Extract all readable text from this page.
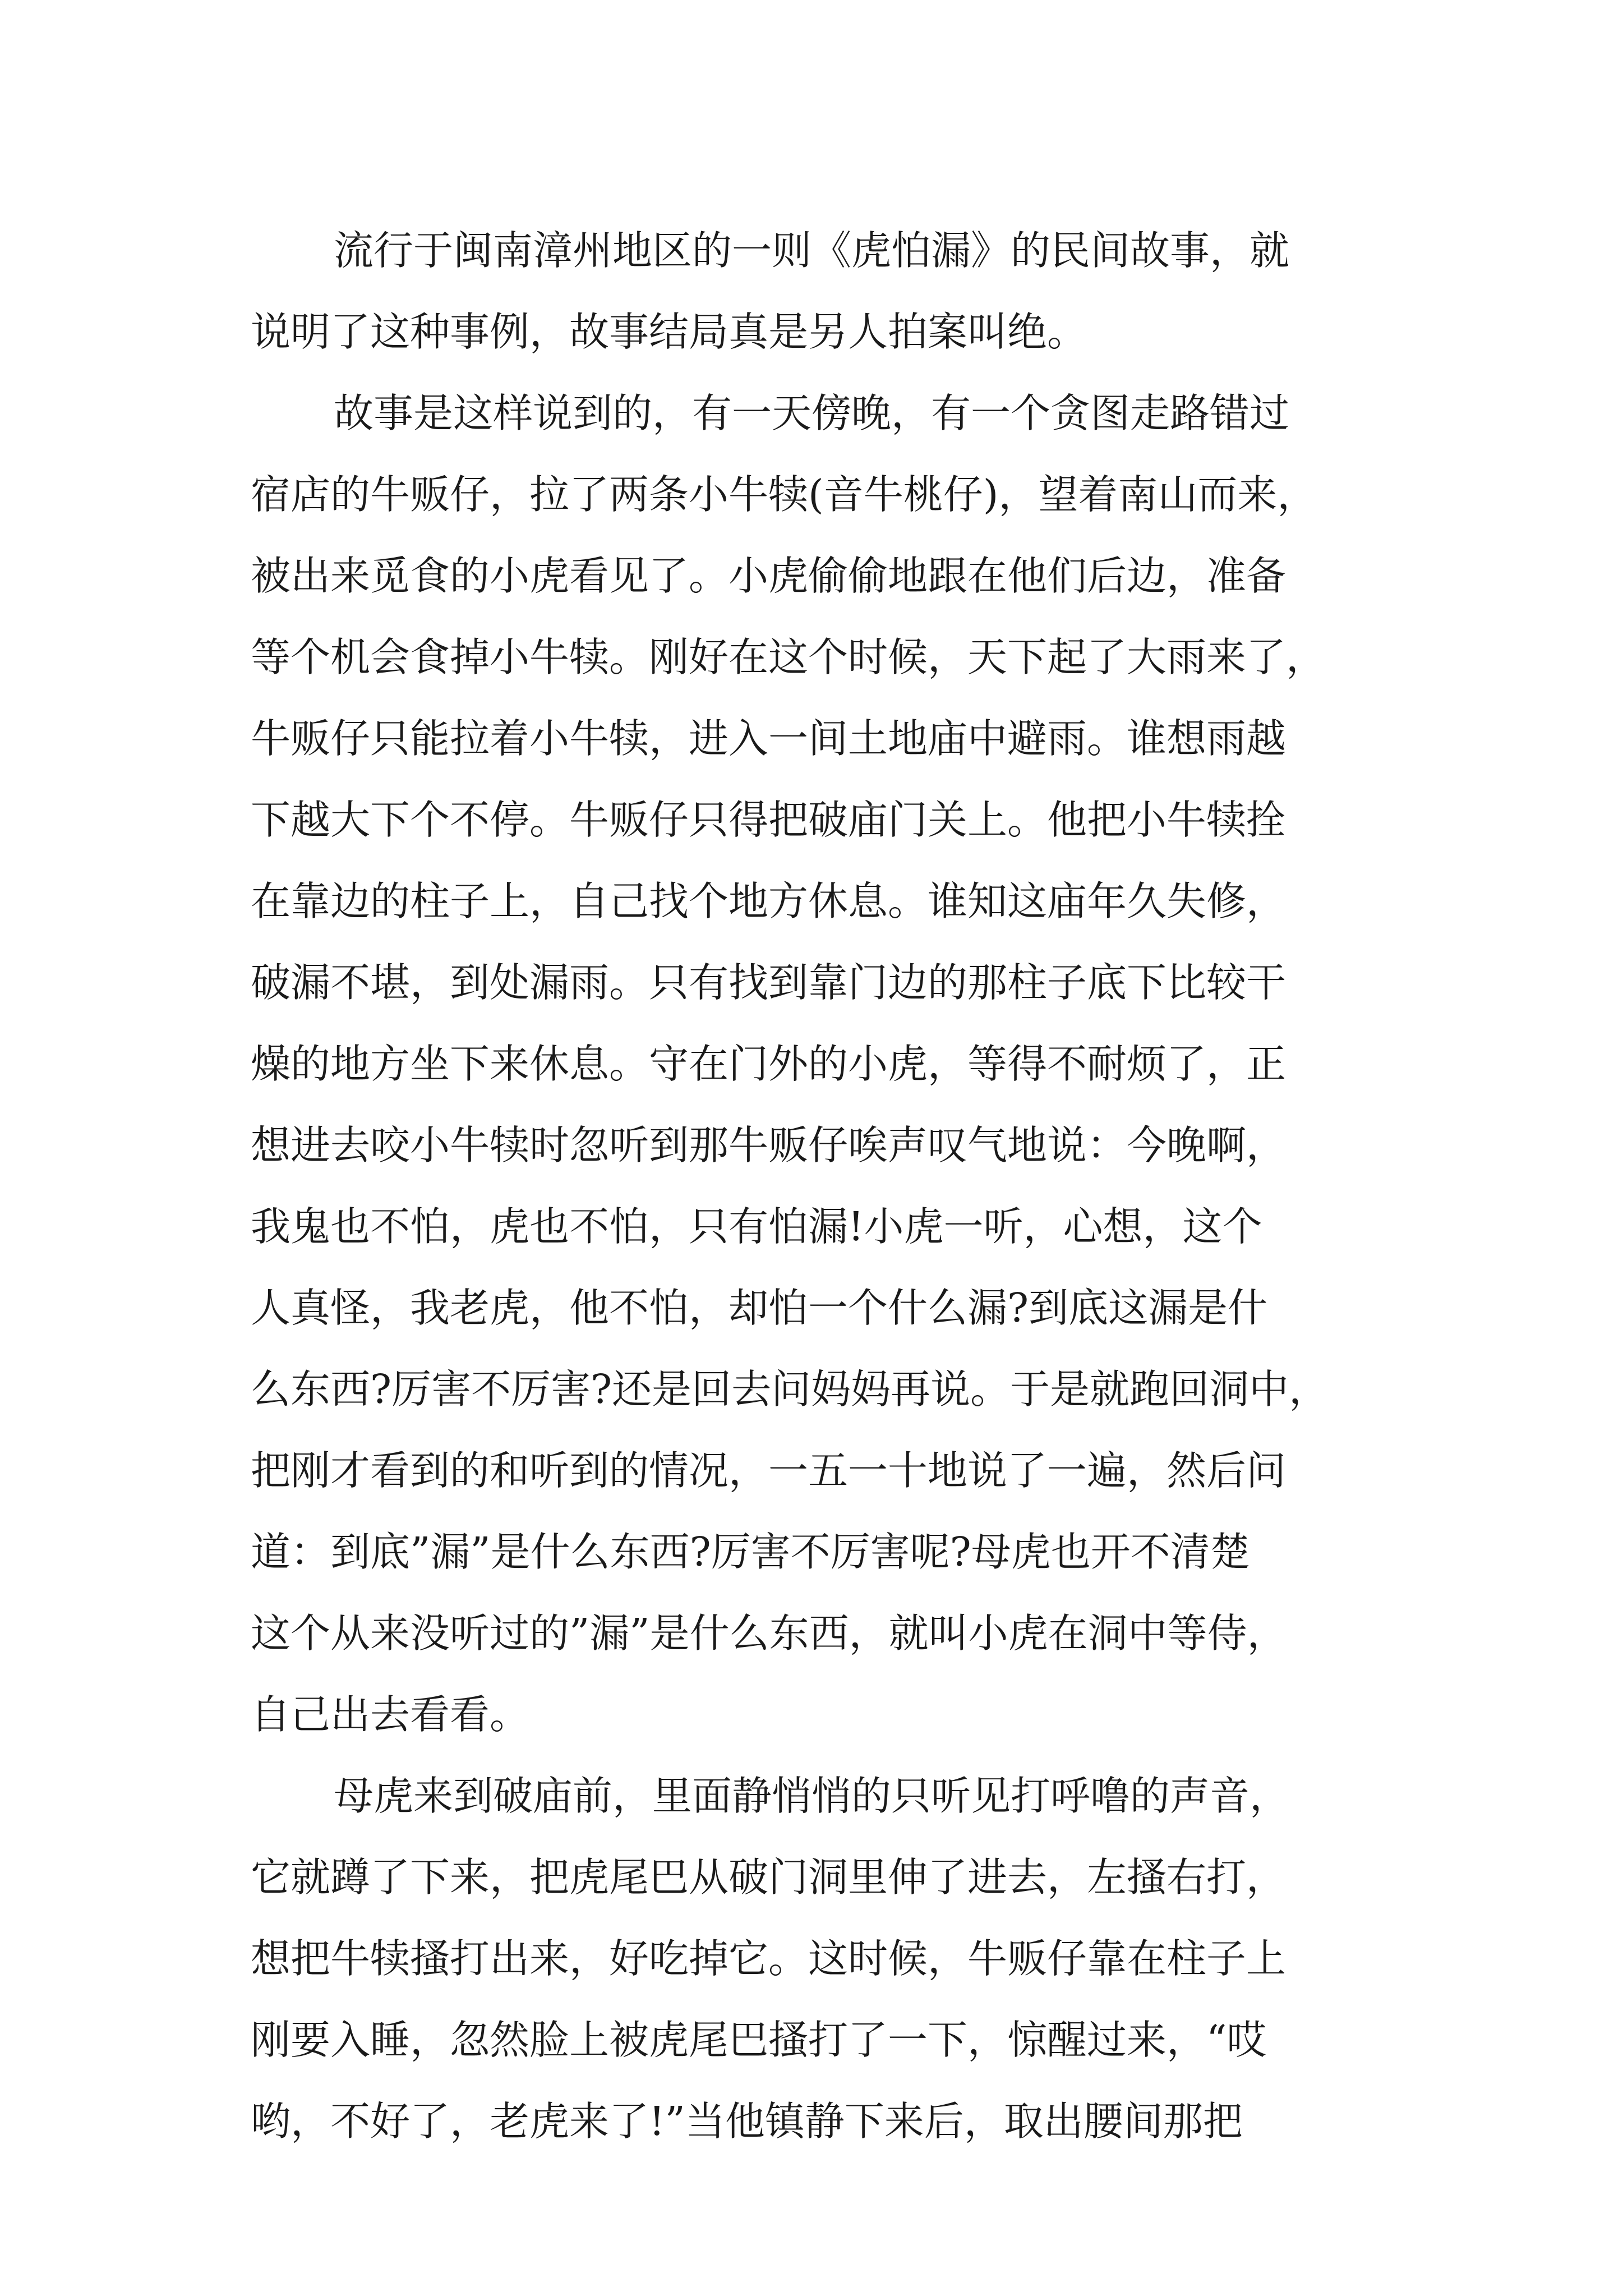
流行于闽南漳州地区的一则《虎怕漏》的民间故事，就
说明了这种事例，故事结局真是另人拍案叫绝。
故事是这样说到的，有一天傍晚，有一个贪图走路错过
宿店的牛贩仔，拉了两条小牛犊(音牛桃仔)，望着南山而来，
被出来觅食的小虎看见了。小虎偷偷地跟在他们后边，准备
等个机会食掉小牛犊。刚好在这个时候，天下起了大雨来了，
牛贩仔只能拉着小牛犊，进入一间土地庙中避雨。谁想雨越
下越大下个不停。牛贩仔只得把破庙门关上。他把小牛犊拴
在靠边的柱子上，自己找个地方休息。谁知这庙年久失修，
破漏不堪，到处漏雨。只有找到靠门边的那柱子底下比较干
燥的地方坐下来休息。守在门外的小虎，等得不耐烦了，正
想进去咬小牛犊时忽听到那牛贩仔唉声叹气地说：今晚啊，
我鬼也不怕，虎也不怕，只有怕漏!小虎一听，心想，这个
人真怪，我老虎，他不怕，却怕一个什么漏?到底这漏是什
么东西?厉害不厉害?还是回去问妈妈再说。于是就跑回洞中，
把刚才看到的和听到的情况，一五一十地说了一遍，然后问
道：到底”漏”是什么东西?厉害不厉害呢?母虎也开不清楚
这个从来没听过的”漏”是什么东西，就叫小虎在洞中等侍，
自己出去看看。
母虎来到破庙前，里面静悄悄的只听见打呼噜的声音，
它就蹲了下来，把虎尾巴从破门洞里伸了进去，左搔右打，
想把牛犊搔打出来，好吃掉它。这时候，牛贩仔靠在柱子上
刚要入睡，忽然脸上被虎尾巴搔打了一下，惊醒过来，“哎
哟，不好了，老虎来了!”当他镇静下来后，取出腰间那把
